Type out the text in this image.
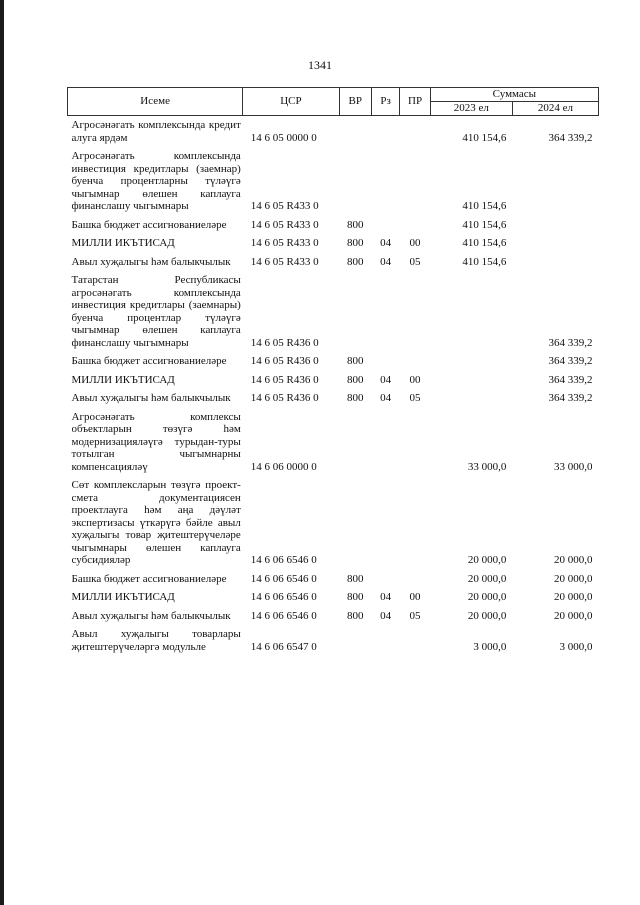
1341
Исеме	ЦСР	ВР	Рз	ПР	Суммасы	
					2023 ел	2024 ел
Агросәнәгать комплексында кредит алуга ярдәм	14 6 05 0000 0				410 154,6	364 339,2
Агросәнәгать комплексында инвестиция кредитлары (заемнар) буенча процентларны түләүгә чыгымнар өлешен каплауга финанслашу чыгымнары	14 6 05 R433 0				410 154,6	
Башка бюджет ассигнованиеләре	14 6 05 R433 0	800			410 154,6	
МИЛЛИ ИКЪТИСАД	14 6 05 R433 0	800	04	00	410 154,6	
Авыл хуҗалыгы һәм балыкчылык	14 6 05 R433 0	800	04	05	410 154,6	
Татарстан Республикасы агросәнәгать комплексында инвестиция кредитлары (заемнары) буенча процентлар түләүгә чыгымнар өлешен каплауга финанслашу чыгымнары	14 6 05 R436 0					364 339,2
Башка бюджет ассигнованиеләре	14 6 05 R436 0	800				364 339,2
МИЛЛИ ИКЪТИСАД	14 6 05 R436 0	800	04	00		364 339,2
Авыл хуҗалыгы һәм балыкчылык	14 6 05 R436 0	800	04	05		364 339,2
Агросәнәгать комплексы объектларын төзүгә һәм модернизацияләүгә турыдан-туры тотылган чыгымнарны компенсацияләү	14 6 06 0000 0				33 000,0	33 000,0
Сөт комплексларын төзүгә проект-смета документациясен проектлауга һәм аңа дәүләт экспертизасы үткәрүгә бәйле авыл хуҗалыгы товар җитештерүчеләре чыгымнары өлешен каплауга субсидияләр	14 6 06 6546 0				20 000,0	20 000,0
Башка бюджет ассигнованиеләре	14 6 06 6546 0	800			20 000,0	20 000,0
МИЛЛИ ИКЪТИСАД	14 6 06 6546 0	800	04	00	20 000,0	20 000,0
Авыл хуҗалыгы һәм балыкчылык	14 6 06 6546 0	800	04	05	20 000,0	20 000,0
Авыл хуҗалыгы товарлары җитештерүчеләргә модульле	14 6 06 6547 0				3 000,0	3 000,0
